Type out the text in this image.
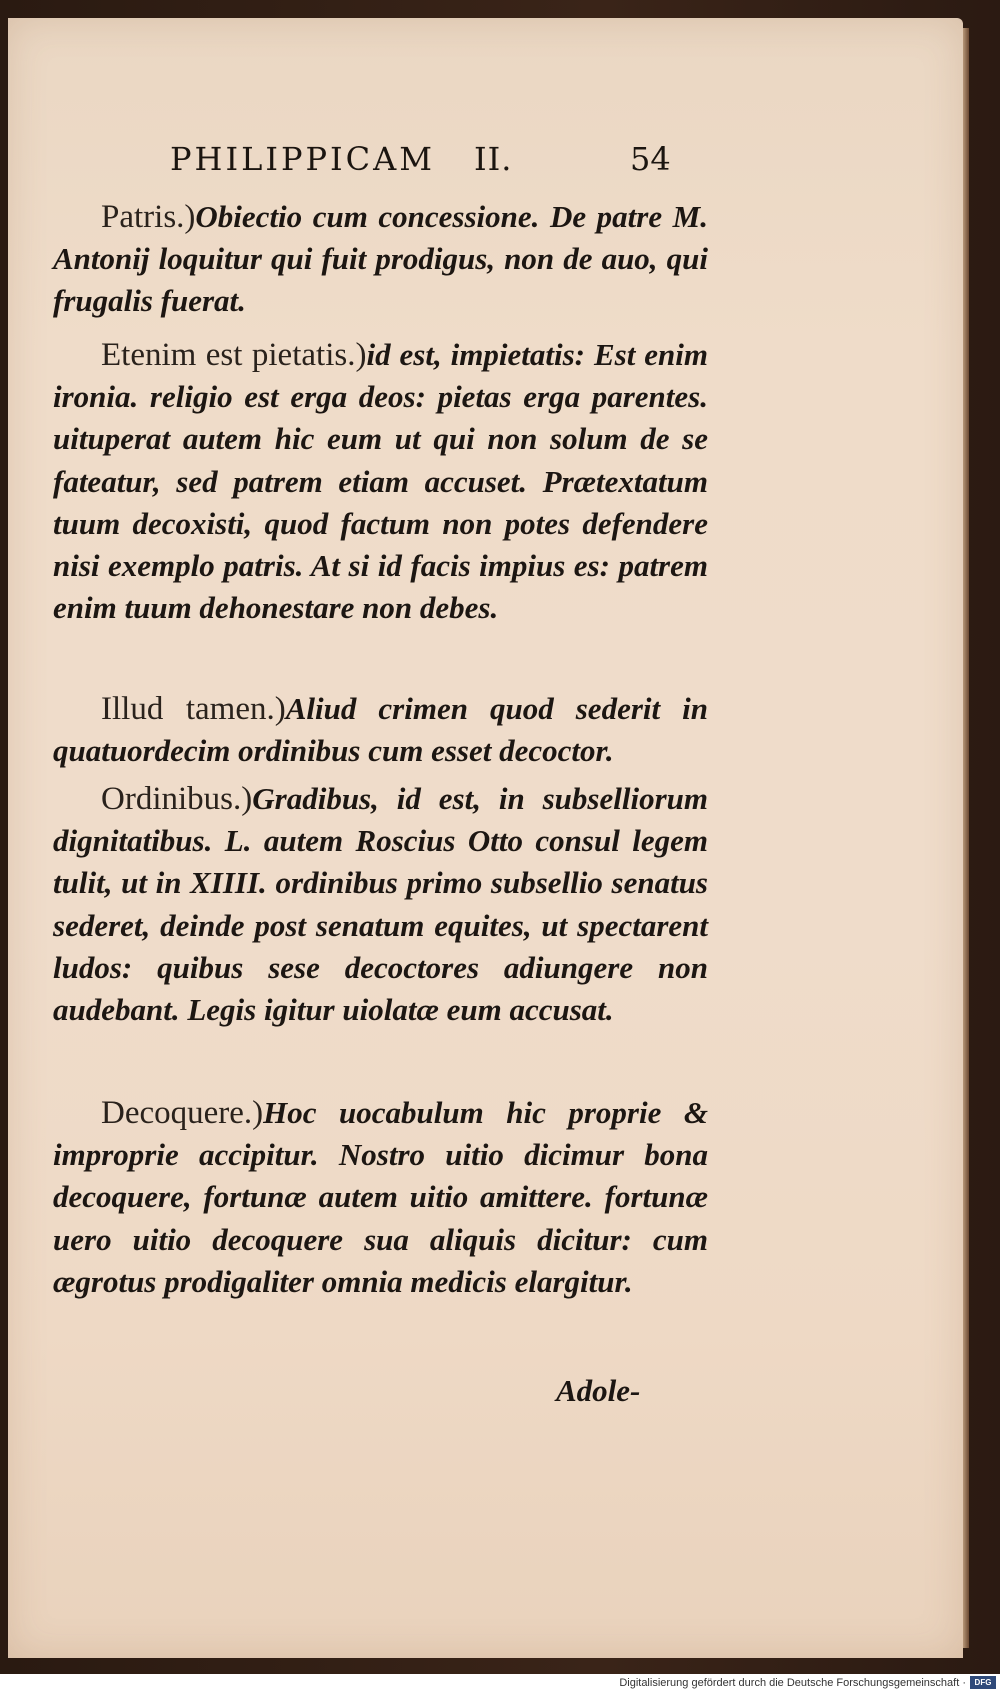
PHILIPPICAM II.	54

Patris.)Obiectio cum concessione. De patre M. Antonij loquitur qui fuit prodigus, non de auo, qui frugalis fuerat.

Etenim est pietatis.)id est, impietatis: Est enim ironia. religio est erga deos: pietas erga parentes. uituperat autem hic eum ut qui non solum de se fateatur, sed patrem etiam accuset. Prætextatum tuum decoxisti, quod factum non potes defendere nisi exemplo patris. At si id facis impius es: patrem enim tuum dehonestare non debes.

Illud tamen.)Aliud crimen quod sederit in quatuordecim ordinibus cum esset decoctor.

Ordinibus.)Gradibus, id est, in subselliorum dignitatibus. L. autem Roscius Otto consul legem tulit, ut in XIIII. ordinibus primo subsellio senatus sederet, deinde post senatum equites, ut spectarent ludos: quibus sese decoctores adiungere non audebant. Legis igitur uiolatæ eum accusat.

Decoquere.)Hoc uocabulum hic proprie & improprie accipitur. Nostro uitio dicimur bona decoquere, fortunæ autem uitio amittere. fortunæ uero uitio decoquere sua aliquis dicitur: cum ægrotus prodigaliter omnia medicis elargitur.

Adole-
Digitalisierung gefördert durch die Deutsche Forschungsgemeinschaft ·	DFG
